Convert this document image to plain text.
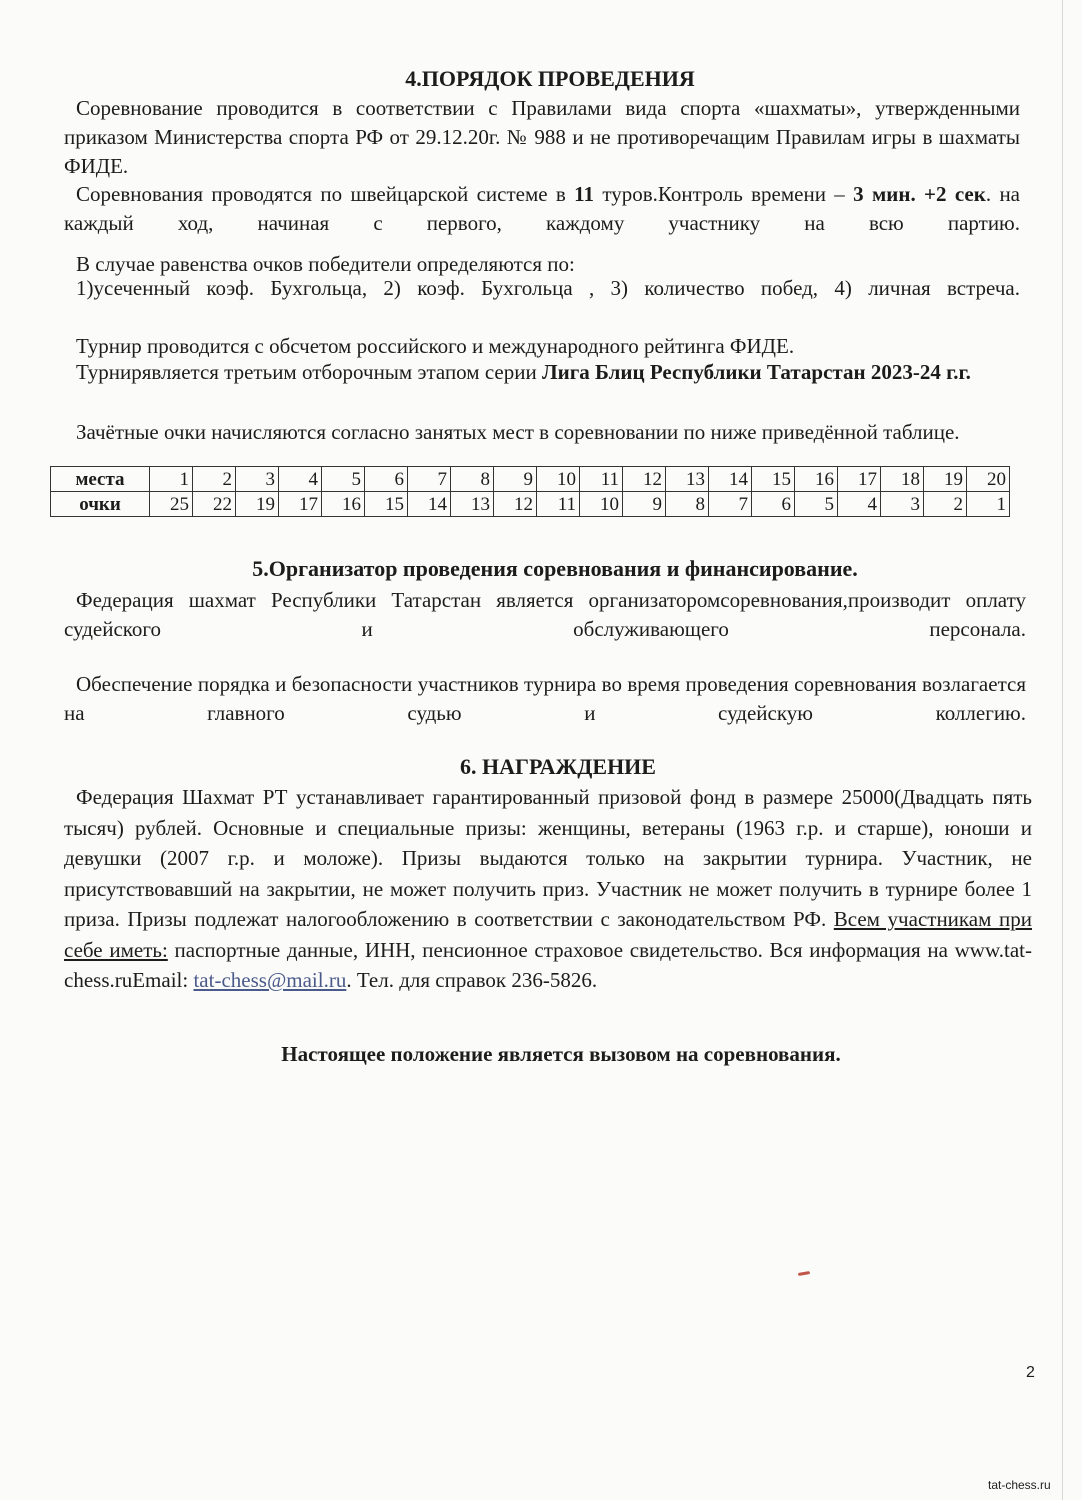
4.ПОРЯДОК ПРОВЕДЕНИЯ

Соревнование проводится в соответствии с Правилами вида спорта «шахматы», утвержденными приказом Министерства спорта РФ от 29.12.20г. № 988 и не противоречащим Правилам игры в шахматы ФИДЕ.

Соревнования проводятся по швейцарской системе в 11 туров.Контроль времени – 3 мин. +2 сек. на каждый ход, начиная с первого, каждому участнику на всю партию.

В случае равенства очков победители определяются по:

1)усеченный коэф. Бухгольца, 2) коэф. Бухгольца , 3) количество побед, 4) личная встреча.

Турнир проводится с обсчетом российского и международного рейтинга ФИДЕ.

Турнирявляется третьим отборочным этапом серии Лига Блиц Республики Татарстан 2023-24 г.г.

Зачётные очки начисляются согласно занятых мест в соревновании по ниже приведённой таблице.

места	1	2	3	4	5	6	7	8	9	10	11	12	13	14	15	16	17	18	19	20
очки	25	22	19	17	16	15	14	13	12	11	10	9	8	7	6	5	4	3	2	1
5.Организатор проведения соревнования и финансирование.

Федерация шахмат Республики Татарстан является организаторомсоревнования,производит оплату судейского и обслуживающего персонала.

Обеспечение порядка и безопасности участников турнира во время проведения соревнования возлагается на главного судью и судейскую коллегию.

6. НАГРАЖДЕНИЕ

Федерация Шахмат РТ устанавливает гарантированный призовой фонд в размере 25000(Двадцать пять тысяч) рублей. Основные и специальные призы: женщины, ветераны (1963 г.р. и старше), юноши и девушки (2007 г.р. и моложе). Призы выдаются только на закрытии турнира. Участник, не присутствовавший на закрытии, не может получить приз. Участник не может получить в турнире более 1 приза. Призы подлежат налогообложению в соответствии с законодательством РФ. Всем участникам при себе иметь: паспортные данные, ИНН, пенсионное страховое свидетельство. Вся информация на www.tat-chess.ruEmail: tat-chess@mail.ru. Тел. для справок 236-5826.

Настоящее положение является вызовом на соревнования.
2
tat-chess.ru
